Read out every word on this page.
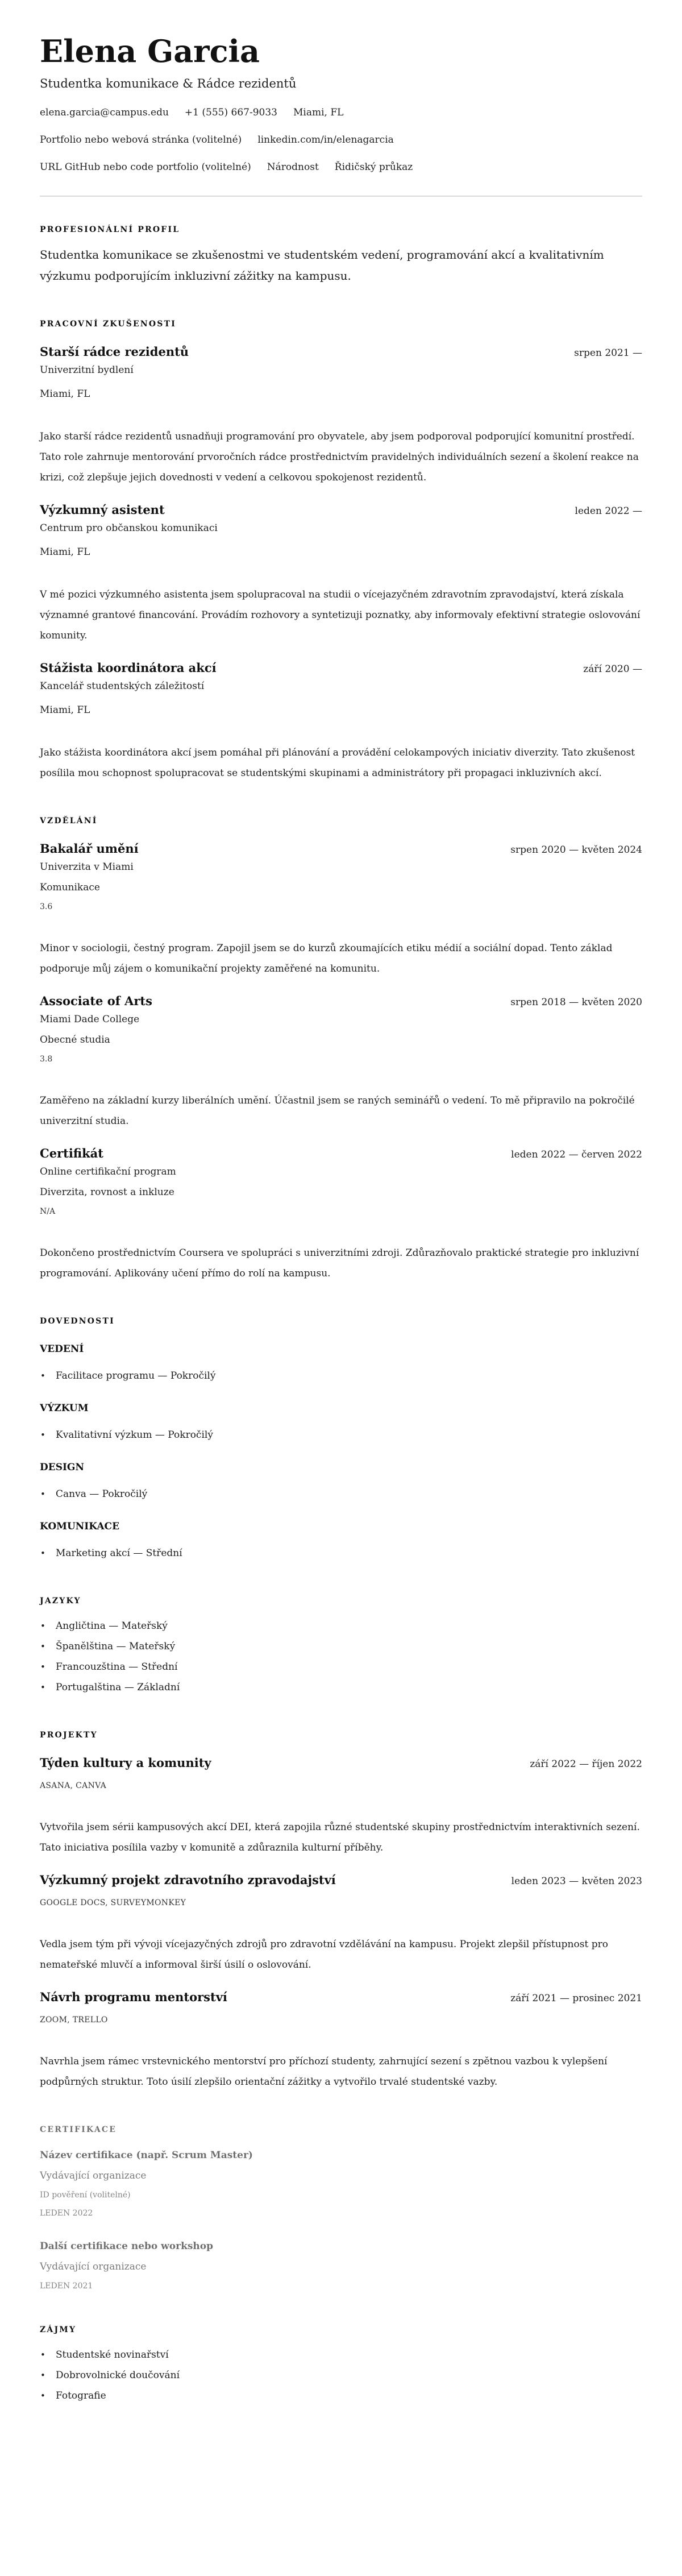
Elena Garcia
Studentka komunikace & Rádce rezidentů
elena.garcia@campus.edu +1 (555) 667-9033 Miami, FL
Portfolio nebo webová stránka (volitelné) linkedin.com/in/elenagarcia
URL GitHub nebo code portfolio (volitelné) Národnost Řidičský průkaz
PROFESIONÁLNÍ PROFIL

Studentka komunikace se zkušenostmi ve studentském vedení, programování akcí a kvalitativním výzkumu podporujícím inkluzivní zážitky na kampusu.

PRACOVNÍ ZKUŠENOSTI
Starší rádce rezidentů	srpen 2021 —
Univerzitní bydlení
Miami, FL

Jako starší rádce rezidentů usnadňuji programování pro obyvatele, aby jsem podporoval podporující komunitní prostředí. Tato role zahrnuje mentorování prvoročních rádce prostřednictvím pravidelných individuálních sezení a školení reakce na krizi, což zlepšuje jejich dovednosti v vedení a celkovou spokojenost rezidentů.

Výzkumný asistent	leden 2022 —
Centrum pro občanskou komunikaci
Miami, FL

V mé pozici výzkumného asistenta jsem spolupracoval na studii o vícejazyčném zdravotním zpravodajství, která získala významné grantové financování. Provádím rozhovory a syntetizuji poznatky, aby informovaly efektivní strategie oslovování komunity.

Stážista koordinátora akcí	září 2020 —
Kancelář studentských záležitostí
Miami, FL

Jako stážista koordinátora akcí jsem pomáhal při plánování a provádění celokampových iniciativ diverzity. Tato zkušenost posílila mou schopnost spolupracovat se studentskými skupinami a administrátory při propagaci inkluzivních akcí.

VZDĚLÁNÍ
Bakalář umění	srpen 2020 — květen 2024
Univerzita v Miami
Komunikace
3.6

Minor v sociologii, čestný program. Zapojil jsem se do kurzů zkoumajících etiku médií a sociální dopad. Tento základ podporuje můj zájem o komunikační projekty zaměřené na komunitu.

Associate of Arts	srpen 2018 — květen 2020
Miami Dade College
Obecné studia
3.8

Zaměřeno na základní kurzy liberálních umění. Účastnil jsem se raných seminářů o vedení. To mě připravilo na pokročilé univerzitní studia.

Certifikát	leden 2022 — červen 2022
Online certifikační program
Diverzita, rovnost a inkluze
N/A

Dokončeno prostřednictvím Coursera ve spolupráci s univerzitními zdroji. Zdůrazňovalo praktické strategie pro inkluzivní programování. Aplikovány učení přímo do rolí na kampusu.

DOVEDNOSTI
VEDENÍ
• Facilitace programu — Pokročilý
VÝZKUM
• Kvalitativní výzkum — Pokročilý
DESIGN
• Canva — Pokročilý
KOMUNIKACE
• Marketing akcí — Střední
JAZYKY
• Angličtina — Mateřský
• Španělština — Mateřský
• Francouzština — Střední
• Portugalština — Základní
PROJEKTY
Týden kultury a komunity	září 2022 — říjen 2022
ASANA, CANVA

Vytvořila jsem sérii kampusových akcí DEI, která zapojila různé studentské skupiny prostřednictvím interaktivních sezení. Tato iniciativa posílila vazby v komunitě a zdůraznila kulturní příběhy.

Výzkumný projekt zdravotního zpravodajství	leden 2023 — květen 2023
GOOGLE DOCS, SURVEYMONKEY

Vedla jsem tým při vývoji vícejazyčných zdrojů pro zdravotní vzdělávání na kampusu. Projekt zlepšil přístupnost pro nemateřské mluvčí a informoval širší úsilí o oslovování.

Návrh programu mentorství	září 2021 — prosinec 2021
ZOOM, TRELLO

Navrhla jsem rámec vrstevnického mentorství pro příchozí studenty, zahrnující sezení s zpětnou vazbou k vylepšení podpůrných struktur. Toto úsilí zlepšilo orientační zážitky a vytvořilo trvalé studentské vazby.

CERTIFIKACE
Název certifikace (např. Scrum Master)
Vydávající organizace
ID pověření (volitelné)
LEDEN 2022
Další certifikace nebo workshop
Vydávající organizace
LEDEN 2021
ZÁJMY
• Studentské novinařství
• Dobrovolnické doučování
• Fotografie
